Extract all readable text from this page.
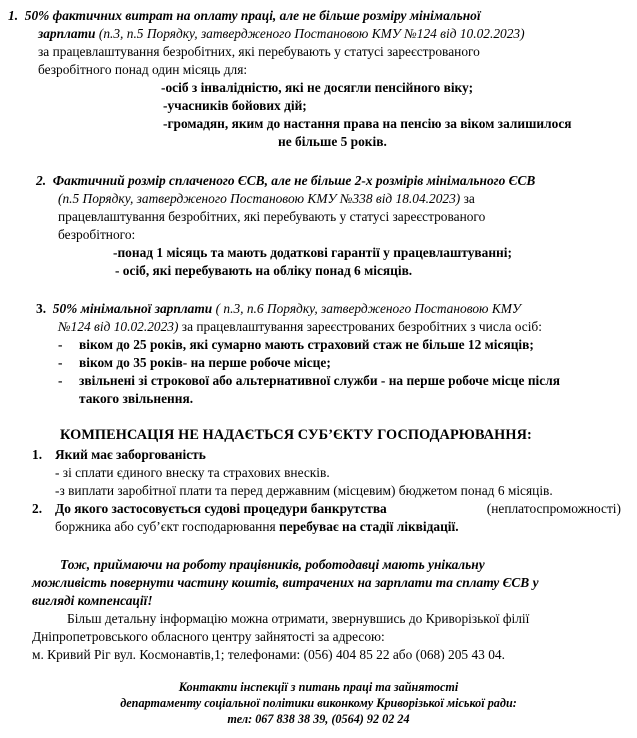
1. 50% фактичних витрат на оплату праці, але не більше розміру мінімальної
зарплати (п.3, п.5 Порядку, затвердженого Постановою КМУ №124 від 10.02.2023)
за працевлаштування безробітних, які перебувають у статусі зареєстрованого
безробітного понад один місяць для:
-осіб з інвалідністю, які не досягли пенсійного віку;
-учасників бойових дій;
-громадян, яким до настання права на пенсію за віком залишилося
не більше 5 років.
2. Фактичний розмір сплаченого ЄСВ, але не більше 2-х розмірів мінімального ЄСВ
(п.5 Порядку, затвердженого Постановою КМУ №338 від 18.04.2023) за
працевлаштування безробітних, які перебувають у статусі зареєстрованого
безробітного:
-понад 1 місяць та мають додаткові гарантії у працевлаштуванні;
- осіб, які перебувають на обліку понад 6 місяців.
3. 50% мінімальної зарплати ( п.3, п.6 Порядку, затвердженого Постановою КМУ
№124 від 10.02.2023) за працевлаштування зареєстрованих безробітних з числа осіб:
- віком до 25 років, які сумарно мають страховий стаж не більше 12 місяців;
- віком до 35 років- на перше робоче місце;
- звільнені зі строкової або альтернативної служби - на перше робоче місце після
такого звільнення.
КОМПЕНСАЦІЯ НЕ НАДАЄТЬСЯ СУБ’ЄКТУ ГОСПОДАРЮВАННЯ:
1. Який має заборгованість
- зі сплати єдиного внеску та страхових внесків.
-з виплати заробітної плати та перед державним (місцевим) бюджетом понад 6 місяців.
2. До якого застосовується судові процедури банкрутства	(неплатоспроможності)
боржника або суб’єкт господарювання перебуває на стадії ліквідації.
Тож, приймаючи на роботу працівників, роботодавці мають унікальну
можливість повернути частину коштів, витрачених на зарплати та сплату ЄСВ у
вигляді компенсації!
Більш детальну інформацію можна отримати, звернувшись до Криворізької філії
Дніпропетровського обласного центру зайнятості за адресою:
м. Кривий Ріг вул. Космонавтів,1; телефонами: (056) 404 85 22 або (068) 205 43 04.
Контакти інспекції з питань праці та зайнятості
департаменту соціальної політики виконкому Криворізької міської ради:
тел: 067 838 38 39, (0564) 92 02 24
